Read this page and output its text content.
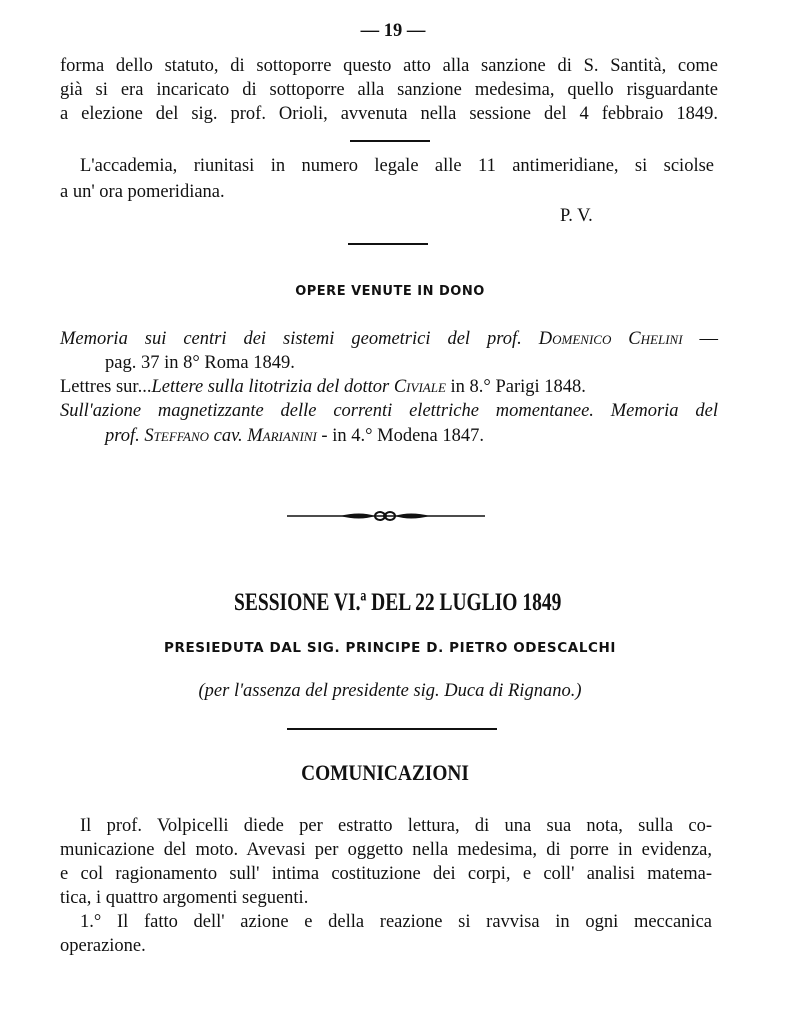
— 19 —
forma dello statuto, di sottoporre questo atto alla sanzione di S. Santità, come
già si era incaricato di sottoporre alla sanzione medesima, quello risguardante
a elezione del sig. prof. Orioli, avvenuta nella sessione del 4 febbraio 1849.
L'accademia, riunitasi in numero legale alle 11 antimeridiane, si sciolse
a un' ora pomeridiana.
P. V.
OPERE VENUTE IN DONO
Memoria sui centri dei sistemi geometrici del prof. Domenico Chelini —
pag. 37 in 8° Roma 1849.
Lettres sur...Lettere sulla litotrizia del dottor Civiale in 8.° Parigi 1848.
Sull'azione magnetizzante delle correnti elettriche momentanee. Memoria del
prof. Steffano cav. Marianini - in 4.° Modena 1847.
SESSIONE VI.ª DEL 22 LUGLIO 1849
PRESIEDUTA DAL SIG. PRINCIPE D. PIETRO ODESCALCHI
(per l'assenza del presidente sig. Duca di Rignano.)
COMUNICAZIONI
Il prof. Volpicelli diede per estratto lettura, di una sua nota, sulla co-
municazione del moto. Avevasi per oggetto nella medesima, di porre in evidenza,
e col ragionamento sull' intima costituzione dei corpi, e coll' analisi matema-
tica, i quattro argomenti seguenti.
1.° Il fatto dell' azione e della reazione si ravvisa in ogni meccanica
operazione.
